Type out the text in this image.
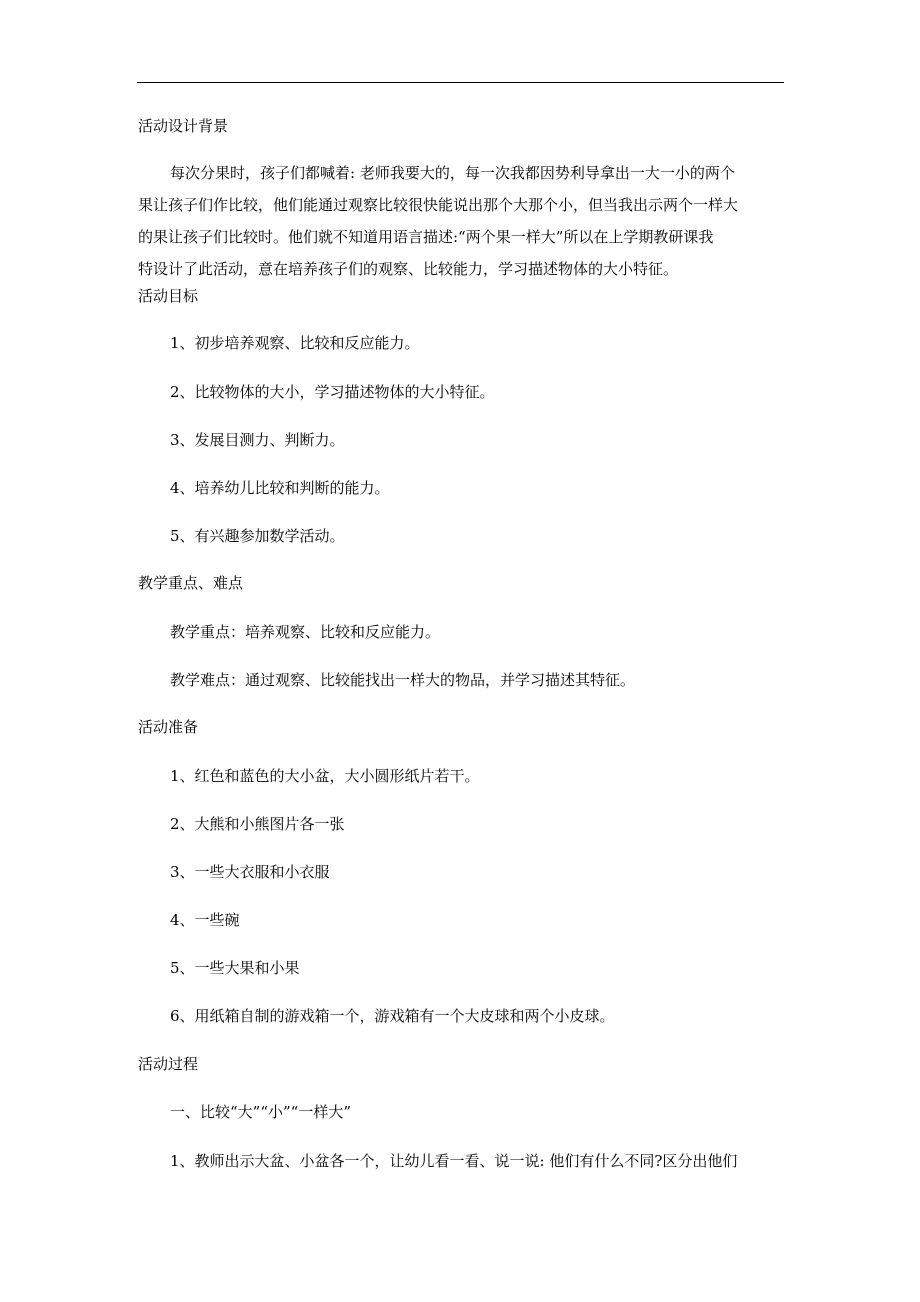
活动设计背景
每次分果时，孩子们都喊着: 老师我要大的，每一次我都因势利导拿出一大一小的两个
果让孩子们作比较，他们能通过观察比较很快能说出那个大那个小，但当我出示两个一样大
的果让孩子们比较时。他们就不知道用语言描述:“两个果一样大”所以在上学期教研课我
特设计了此活动，意在培养孩子们的观察、比较能力，学习描述物体的大小特征。
活动目标
1、初步培养观察、比较和反应能力。
2、比较物体的大小，学习描述物体的大小特征。
3、发展目测力、判断力。
4、培养幼儿比较和判断的能力。
5、有兴趣参加数学活动。
教学重点、难点
教学重点：培养观察、比较和反应能力。
教学难点：通过观察、比较能找出一样大的物品，并学习描述其特征。
活动准备
1、红色和蓝色的大小盆，大小圆形纸片若干。
2、大熊和小熊图片各一张
3、一些大衣服和小衣服
4、一些碗
5、一些大果和小果
6、用纸箱自制的游戏箱一个，游戏箱有一个大皮球和两个小皮球。
活动过程
一、比较“大”“小”“一样大”
1、教师出示大盆、小盆各一个，让幼儿看一看、说一说: 他们有什么不同?区分出他们
